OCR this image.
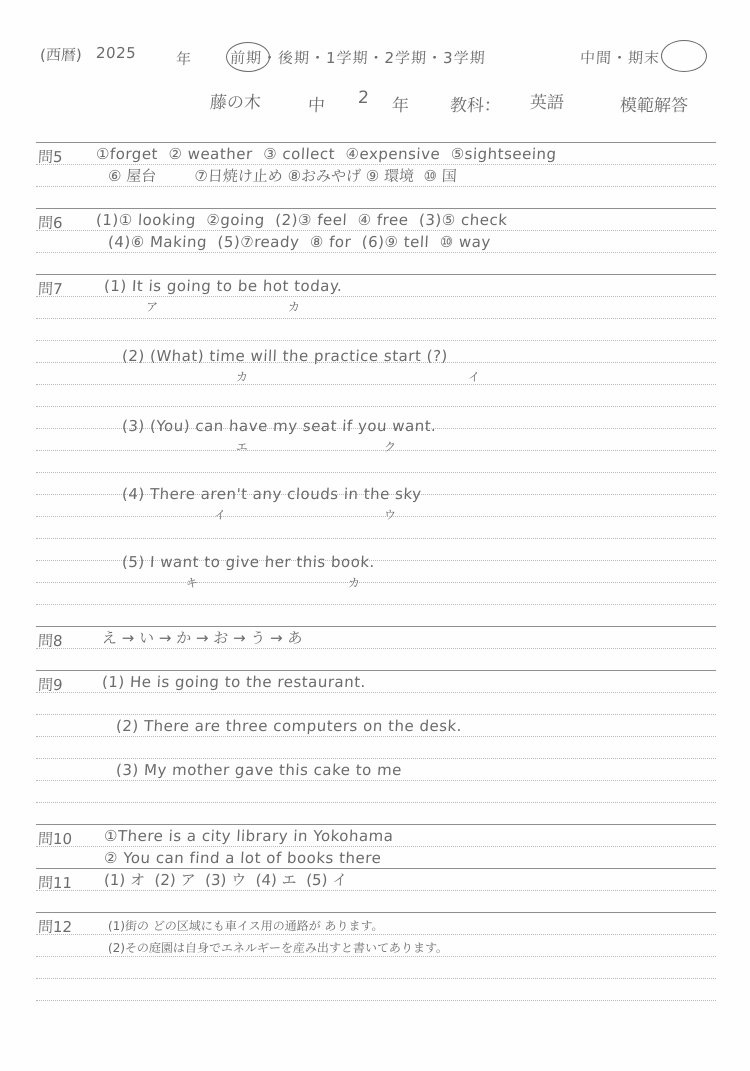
(西暦) 2025	年	前期・後期・1学期・2学期・3学期	中間・期末
藤の木	中 2 年 教科： 英語	模範解答
問5 ①forget  ② weather  ③ collect  ④expensive  ⑤sightseeing
⑥ 屋台        ⑦日焼け止め ⑧おみやげ ⑨ 環境  ⑩ 国
問6 (1)① looking  ②going  (2)③ feel  ④ free  (3)⑤ check
(4)⑥ Making  (5)⑦ready  ⑧ for  (6)⑨ tell  ⑩ way
問7	(1) It is going to be hot today.
ア	カ
(2) (What) time will the practice start (?)
カ	イ
(3) (You) can have my seat if you want.
エ	ク
(4) There aren't any clouds in the sky
イ	ウ
(5) I want to give her this book.
キ	カ
問8	え → い → か → お → う → あ
問9	(1) He is going to the restaurant.
(2) There are three computers on the desk.
(3) My mother gave this cake to me
問10 ①There is a city library in Yokohama
② You can find a lot of books there
問11 (1) オ  (2) ア  (3) ウ  (4) エ  (5) イ
問12	(1)街の どの区域にも車イス用の通路が あります。
(2)その庭園は自身でエネルギーを産み出すと書いてあります。
